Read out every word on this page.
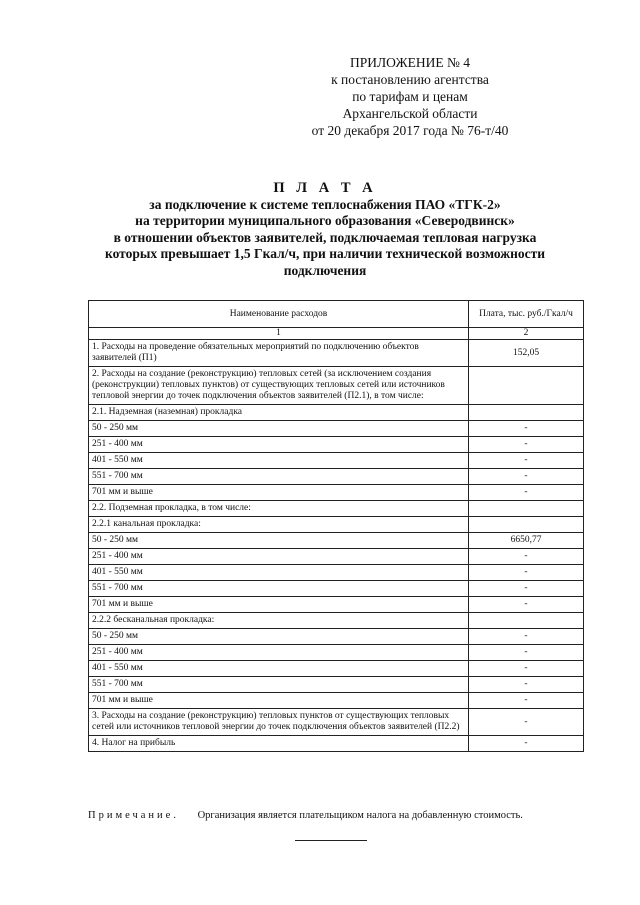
ПРИЛОЖЕНИЕ № 4
к постановлению агентства
по тарифам и ценам
Архангельской области
от 20 декабря 2017 года № 76-т/40
П Л А Т А
за подключение к системе теплоснабжения ПАО «ТГК-2»
на территории муниципального образования «Северодвинск»
в отношении объектов заявителей, подключаемая тепловая нагрузка
которых превышает 1,5 Гкал/ч, при наличии технической возможности
подключения
Наименование расходов	Плата, тыс. руб./Гкал/ч
1	2
1. Расходы на проведение обязательных мероприятий по подключению объектов заявителей (П1)	152,05
2. Расходы на создание (реконструкцию) тепловых сетей (за исключением создания (реконструкции) тепловых пунктов) от существующих тепловых сетей или источников тепловой энергии до точек подключения объектов заявителей (П2.1), в том числе:	
2.1. Надземная (наземная) прокладка	
50 - 250 мм	-
251 - 400 мм	-
401 - 550 мм	-
551 - 700 мм	-
701 мм и выше	-
2.2. Подземная прокладка, в том числе:	
2.2.1 канальная прокладка:	
50 - 250 мм	6650,77
251 - 400 мм	-
401 - 550 мм	-
551 - 700 мм	-
701 мм и выше	-
2.2.2 бесканальная прокладка:	
50 - 250 мм	-
251 - 400 мм	-
401 - 550 мм	-
551 - 700 мм	-
701 мм и выше	-
3. Расходы на создание (реконструкцию) тепловых пунктов от существующих тепловых сетей или источников тепловой энергии до точек подключения объектов заявителей (П2.2)	-
4. Налог на прибыль	-
Примечание. Организация является плательщиком налога на добавленную стоимость.
